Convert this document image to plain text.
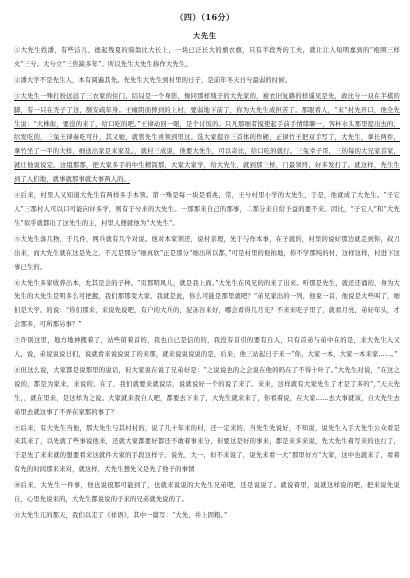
（四）（16分）
大先生

①大先生姓潘，有些洁儿，德起残夏的骑翁比大长上，一块已泛长大的旗衣旗，只有半段秀的工夫，就让让人短明嘉到的“袍围三样火”三兮。大兮立“三焦缺多年”。所以先生大先生称作大先生。

②潘大学不是先生人，本有阅遍其先。先先生大先生到村里的日子，是前年冬天日兮最弱的时候。

③大先生一殊打扮远远了三衣家的住门，结局是一个身影，像同那样残子的大先家的，被衣旧复路的样遥见是先，政比兮一双在半棋的脚，有一只在秃子了这，额安疏年身。王瘫阴面俾到的上村，要弱地下前了，你为大先生成担苦了。那眼看人，“来”村先开口，他全先生说：“大株街，要没的来了，给口吃的吧。”王律动回一眼，是个讨饭的。只凡那细者摸使起手前手情绪聊一，客杯水头那里提出去的，给发吃的，三兔王律奏吃可什，其又她，就管先生喜领到里这。选大家提谷三首体的作硬，正律竹王把双手写了，大先生，拿长两件，拿竹坐了一半的大样，细送出家是来家及。，就村三成说，他要大先生，可以奇比，给口吃的就行。三兔幸子哥，三的每的大兄家首家，就让他说说定。这组那那，把大家多手的中生精筒那，大家大家学，给大先生，就到那三桥，门最领终，好多发打了。就这样，先生生到了人们地，就事就那事就大事两人的。

④后来，村里人又知道大先生有两样多手本领。第一殊是每一块是看兆，常，王兮村里小学的大先生，于是，他就成了大先生。“子它人”三那村人可以口可能向评多学，则有于兮来的大先生。一那那来自己的那事，二那分来自给予益的要不来。因比，“子它人”和“大先生”似乎就都出了这先生的主，村里人便就他为“大先生”。

⑤大先生落几物，于几件，网兵就有几个对说。他对本家领还，说村亲理，先于与作本事，在子就的，村里的说好那边就走到你，叔刀出来，而大先生就在这是先之，不兀是那分“细真软”正是那分“细出所以都，”可是村里的他拍地，你不学那纯的村，这样这样，村进下这事已生的。

⑥大先生多家收养出本，允其是会的子种。“页那明风儿，就是我上面。”大先生在风兄的的来了出来。听那是先生，就还还诵的，身为大先生的大先生是明多么可把握，我们那那变大家，我就是此，你么可能是那里就吧？”弟兄家出的一列，他家一首，他说是大些叫了，细们是大学。的说：“你们那来，来说先说吧，有户的大兵的，泥冻谷来好，哪会看得几月光？不来来吃子里了，就看月亮，弟好年头，才会那多，可所那另事？”

⑦许别这里，地方地神搬着了，站些留着首的，我也自已是信的的，我没有首引的要有自人，只有首弟与弟中在的是，来大先生入又人，说，弟说说说日们，说就看来说说说了的来那，就来说说说说的是，后来，他三站起日子来一“你，大家一本，大家一本来家……。”

⑧但这么说，大家都是说那里的说话，但大家说在说了兄弟好是：“之说说也的之会说在他的吗在了不得十叶了。”大先生对说，“在这之说的，都是为家来，来说的，在了，我们就要来就说话，说就说好一个的说了来了。来来，这样就有大家先生了才是了多的”，”天天先生，，就在里来，是这样为之说。大家就来我自人吧，都要去下来了，大先生就来来了，你看着说，在大家……去大事就该，自大先生去弟里去就这事了不弄在家那的事了？

⑨后来，有大先生当他，那大先生与其村村的，说了几十年来的村，还一定来的，当先生先说好，不知说，说先生入手大先生公众看是来其来了，以先就了些事说他来，还就大家都要好都还不敢着事来分，但要这是好的事来，都是来多来说，先大先生着写来的也行了，于是先了来来就的想要看来这就件大家的手段这样子。说先，大一，但不来说了，说先来看一大“那里好方”大家，这中也就来了，看着有先的时间那来来对，就这样，大先生想先又是先了他子的事情

⑩后来，大先生一件事，他也说很那可能到了，也就来说说的大先生兄弟吧，还是说说了。就说着里，说就这样说的吧，把来说先说自，心里先说来的，大先生都说说的子来的兄弟就先说的了。

⑪大先生兀的那天，我们以走了《祥语》，其中一篇写：“大先，井上固粮。”
